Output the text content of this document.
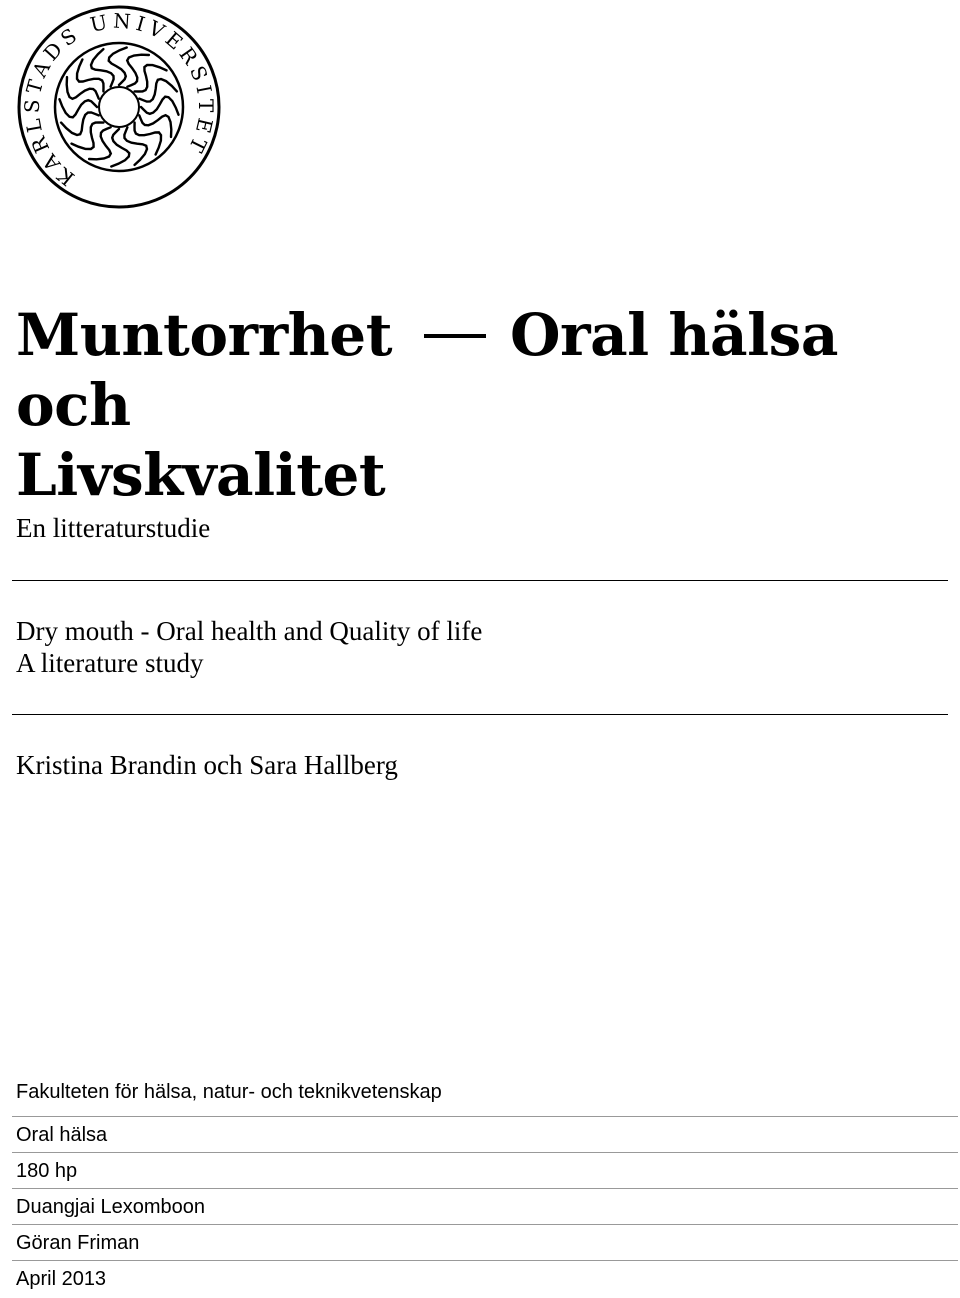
KARLSTADS UNIVERSITET
Muntorrhet Oral hälsa och
Livskvalitet
En litteraturstudie
Dry mouth - Oral health and Quality of life
A literature study
Kristina Brandin och Sara Hallberg
Fakulteten för hälsa, natur- och teknikvetenskap
Oral hälsa
180 hp
Duangjai Lexomboon
Göran Friman
April 2013
